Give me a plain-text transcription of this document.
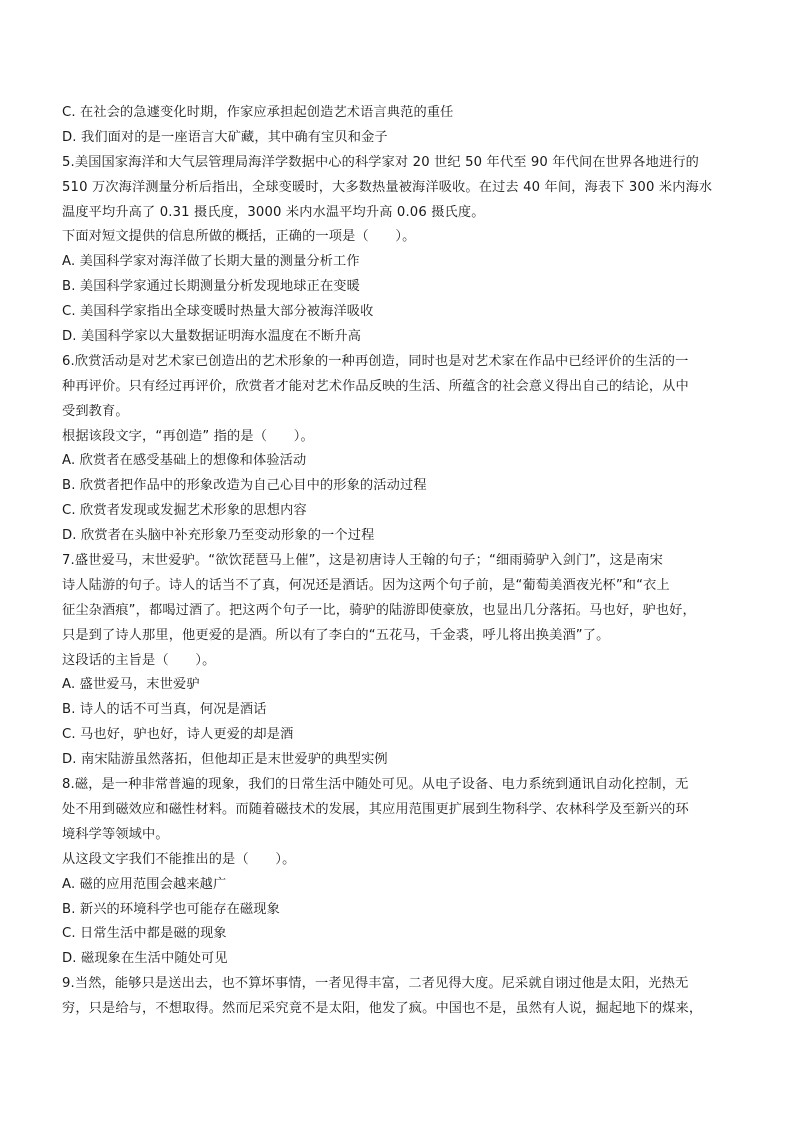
C. 在社会的急遽变化时期，作家应承担起创造艺术语言典范的重任
D. 我们面对的是一座语言大矿藏，其中确有宝贝和金子
5.美国国家海洋和大气层管理局海洋学数据中心的科学家对 20 世纪 50 年代至 90 年代间在世界各地进行的
510 万次海洋测量分析后指出，全球变暖时，大多数热量被海洋吸收。在过去 40 年间，海表下 300 米内海水
温度平均升高了 0.31 摄氏度，3000 米内水温平均升高 0.06 摄氏度。
下面对短文提供的信息所做的概括，正确的一项是（　　）。
A. 美国科学家对海洋做了长期大量的测量分析工作
B. 美国科学家通过长期测量分析发现地球正在变暖
C. 美国科学家指出全球变暖时热量大部分被海洋吸收
D. 美国科学家以大量数据证明海水温度在不断升高
6.欣赏活动是对艺术家已创造出的艺术形象的一种再创造，同时也是对艺术家在作品中已经评价的生活的一
种再评价。只有经过再评价，欣赏者才能对艺术作品反映的生活、所蕴含的社会意义得出自己的结论，从中
受到教育。
根据该段文字，“再创造” 指的是（　　）。
A. 欣赏者在感受基础上的想像和体验活动
B. 欣赏者把作品中的形象改造为自己心目中的形象的活动过程
C. 欣赏者发现或发掘艺术形象的思想内容
D. 欣赏者在头脑中补充形象乃至变动形象的一个过程
7.盛世爱马，末世爱驴。“欲饮琵琶马上催”，这是初唐诗人王翰的句子；“细雨骑驴入剑门”，这是南宋
诗人陆游的句子。诗人的话当不了真，何况还是酒话。因为这两个句子前，是“葡萄美酒夜光杯”和“衣上
征尘杂酒痕”，都喝过酒了。把这两个句子一比，骑驴的陆游即使豪放，也显出几分落拓。马也好，驴也好，
只是到了诗人那里，他更爱的是酒。所以有了李白的“五花马，千金裘，呼儿将出换美酒”了。
这段话的主旨是（　　）。
A. 盛世爱马，末世爱驴
B. 诗人的话不可当真，何况是酒话
C. 马也好，驴也好，诗人更爱的却是酒
D. 南宋陆游虽然落拓，但他却正是末世爱驴的典型实例
8.磁，是一种非常普遍的现象，我们的日常生活中随处可见。从电子设备、电力系统到通讯自动化控制，无
处不用到磁效应和磁性材料。而随着磁技术的发展，其应用范围更扩展到生物科学、农林科学及至新兴的环
境科学等领域中。
从这段文字我们不能推出的是（　　）。
A. 磁的应用范围会越来越广
B. 新兴的环境科学也可能存在磁现象
C. 日常生活中都是磁的现象
D. 磁现象在生活中随处可见
9.当然，能够只是送出去，也不算坏事情，一者见得丰富，二者见得大度。尼采就自诩过他是太阳，光热无
穷，只是给与，不想取得。然而尼采究竟不是太阳，他发了疯。中国也不是，虽然有人说，掘起地下的煤来，
